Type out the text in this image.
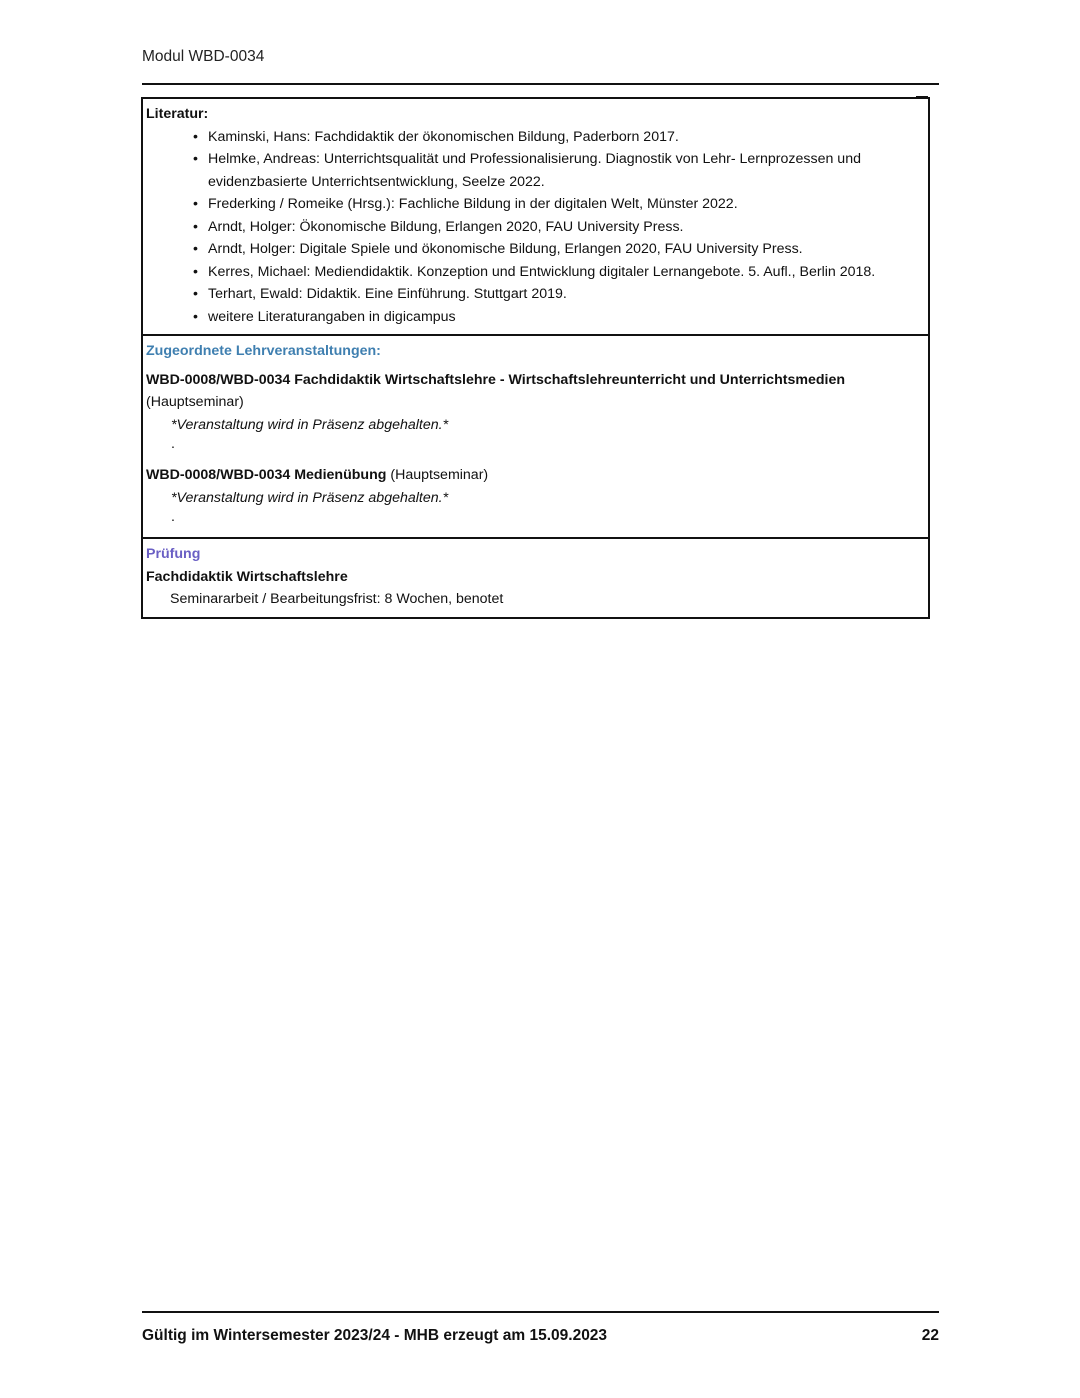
Modul WBD-0034
Literatur:
• Kaminski, Hans: Fachdidaktik der ökonomischen Bildung, Paderborn 2017.
• Helmke, Andreas: Unterrichtsqualität und Professionalisierung. Diagnostik von Lehr- Lernprozessen und evidenzbasierte Unterrichtsentwicklung, Seelze 2022.
• Frederking / Romeike (Hrsg.): Fachliche Bildung in der digitalen Welt, Münster 2022.
• Arndt, Holger: Ökonomische Bildung, Erlangen 2020, FAU University Press.
• Arndt, Holger: Digitale Spiele und ökonomische Bildung, Erlangen 2020, FAU University Press.
• Kerres, Michael: Mediendidaktik. Konzeption und Entwicklung digitaler Lernangebote. 5. Aufl., Berlin 2018.
• Terhart, Ewald: Didaktik. Eine Einführung. Stuttgart 2019.
• weitere Literaturangaben in digicampus
Zugeordnete Lehrveranstaltungen:
WBD-0008/WBD-0034 Fachdidaktik Wirtschaftslehre - Wirtschaftslehreunterricht und Unterrichtsmedien
(Hauptseminar)
*Veranstaltung wird in Präsenz abgehalten.*
.
WBD-0008/WBD-0034 Medienübung (Hauptseminar)
*Veranstaltung wird in Präsenz abgehalten.*
.
Prüfung
Fachdidaktik Wirtschaftslehre
Seminararbeit / Bearbeitungsfrist: 8 Wochen, benotet
Gültig im Wintersemester 2023/24 - MHB erzeugt am 15.09.2023	22
